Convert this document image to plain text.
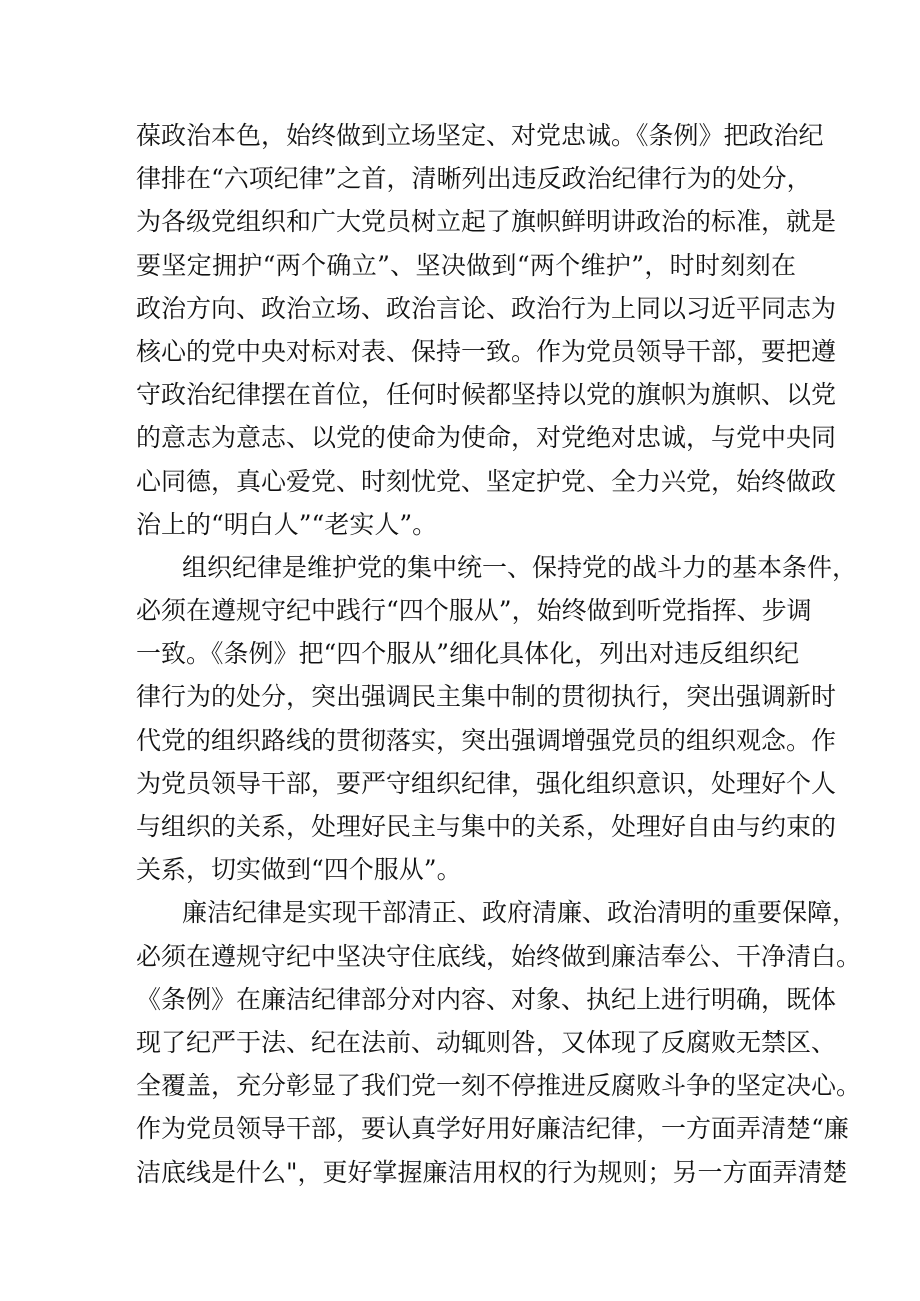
葆政治本色，始终做到立场坚定、对党忠诚。《条例》把政治纪
律排在“六项纪律”之首，清晰列出违反政治纪律行为的处分，
为各级党组织和广大党员树立起了旗帜鲜明讲政治的标准，就是
要坚定拥护“两个确立”、坚决做到“两个维护”，时时刻刻在
政治方向、政治立场、政治言论、政治行为上同以习近平同志为
核心的党中央对标对表、保持一致。作为党员领导干部，要把遵
守政治纪律摆在首位，任何时候都坚持以党的旗帜为旗帜、以党
的意志为意志、以党的使命为使命，对党绝对忠诚，与党中央同
心同德，真心爱党、时刻忧党、坚定护党、全力兴党，始终做政
治上的“明白人”“老实人”。
组织纪律是维护党的集中统一、保持党的战斗力的基本条件，
必须在遵规守纪中践行“四个服从”，始终做到听党指挥、步调
一致。《条例》把“四个服从”细化具体化，列出对违反组织纪
律行为的处分，突出强调民主集中制的贯彻执行，突出强调新时
代党的组织路线的贯彻落实，突出强调增强党员的组织观念。作
为党员领导干部，要严守组织纪律，强化组织意识，处理好个人
与组织的关系，处理好民主与集中的关系，处理好自由与约束的
关系，切实做到“四个服从”。
廉洁纪律是实现干部清正、政府清廉、政治清明的重要保障，
必须在遵规守纪中坚决守住底线，始终做到廉洁奉公、干净清白。
《条例》在廉洁纪律部分对内容、对象、执纪上进行明确，既体
现了纪严于法、纪在法前、动辄则咎，又体现了反腐败无禁区、
全覆盖，充分彰显了我们党一刻不停推进反腐败斗争的坚定决心。
作为党员领导干部，要认真学好用好廉洁纪律，一方面弄清楚“廉
洁底线是什么"，更好掌握廉洁用权的行为规则；另一方面弄清楚
